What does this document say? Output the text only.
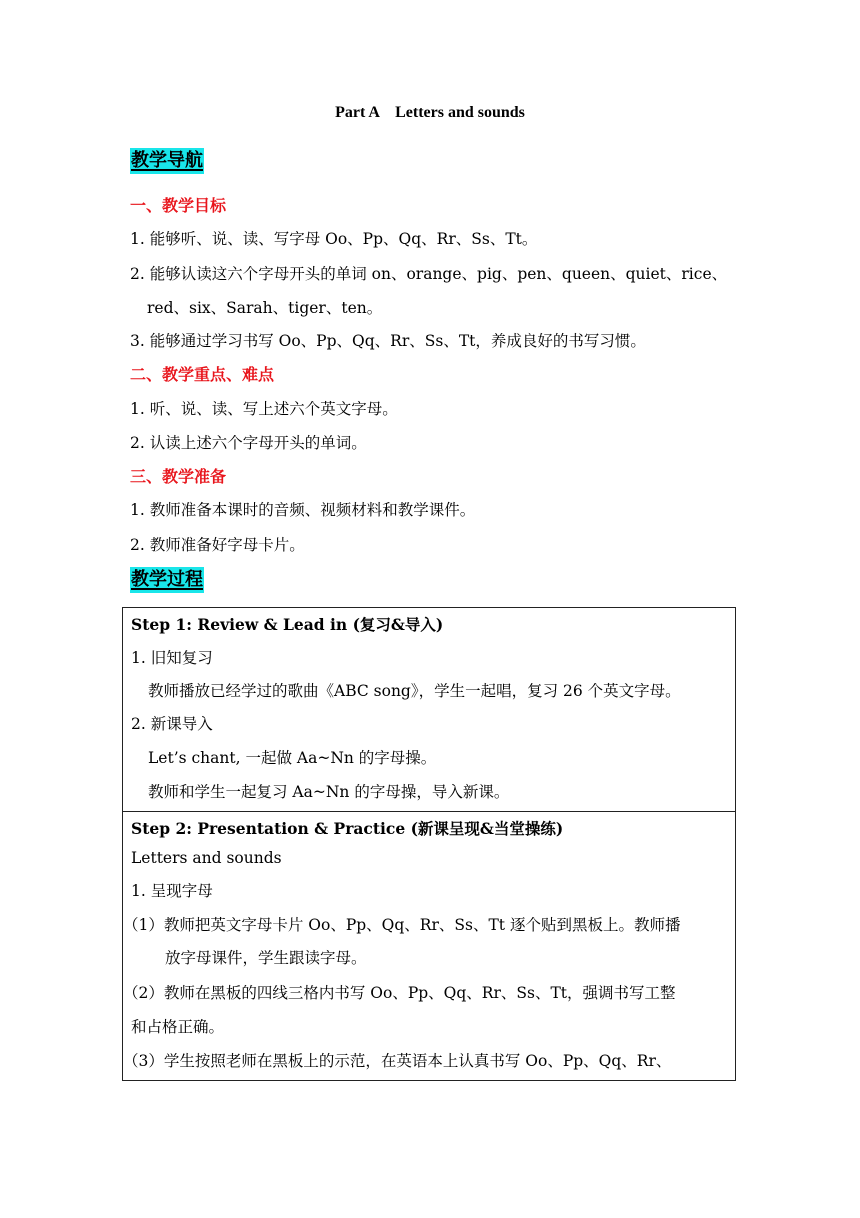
Part A    Letters and sounds
教学导航
一、教学目标
1. 能够听、说、读、写字母 Oo、Pp、Qq、Rr、Ss、Tt。
2. 能够认读这六个字母开头的单词 on、orange、pig、pen、queen、quiet、rice、
red、six、Sarah、tiger、ten。
3. 能够通过学习书写 Oo、Pp、Qq、Rr、Ss、Tt，养成良好的书写习惯。
二、教学重点、难点
1. 听、说、读、写上述六个英文字母。
2. 认读上述六个字母开头的单词。
三、教学准备
1. 教师准备本课时的音频、视频材料和教学课件。
2. 教师准备好字母卡片。
教学过程
Step 1: Review & Lead in (复习&导入)
1. 旧知复习
教师播放已经学过的歌曲《ABC song》，学生一起唱，复习 26 个英文字母。
2. 新课导入
Let’s chant, 一起做 Aa~Nn 的字母操。
教师和学生一起复习 Aa~Nn 的字母操，导入新课。
Step 2: Presentation & Practice (新课呈现&当堂操练)
Letters and sounds
1. 呈现字母
（1）教师把英文字母卡片 Oo、Pp、Qq、Rr、Ss、Tt 逐个贴到黑板上。教师播
放字母课件，学生跟读字母。
（2）教师在黑板的四线三格内书写 Oo、Pp、Qq、Rr、Ss、Tt，强调书写工整
和占格正确。
（3）学生按照老师在黑板上的示范，在英语本上认真书写 Oo、Pp、Qq、Rr、
